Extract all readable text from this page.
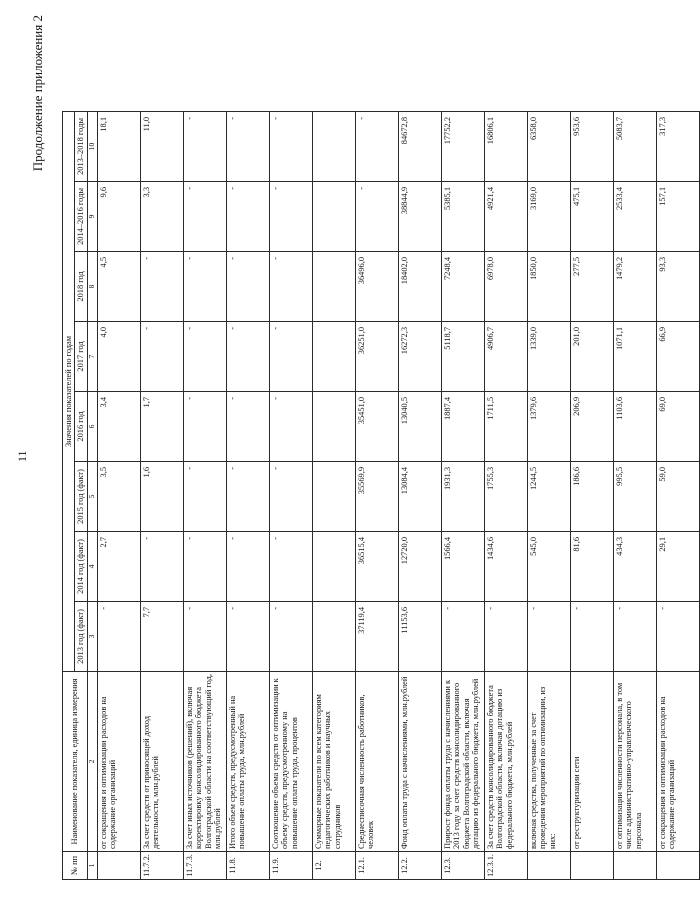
11
Продолжение приложения 2
№ пп	Наименование показателя, единица измерения	Значения показателей по годам							
		2013 год (факт)	2014 год (факт)	2015 год (факт)	2016 год	2017 год	2018 год	2014–2016 годы	2013–2018 годы
1	2	3	4	5	6	7	8	9	10
	от сокращения и оптимизации расходов на содержание организаций	-	2,7	3,5	3,4	4,0	4,5	9,6	18,1
11.7.2.	За счет средств от приносящей доход деятельности, млн.рублей	7,7	-	1,6	1,7	-	-	3,3	11,0
11.7.3.	За счет иных источников (решений), включая корректировку консолидированного бюджета Волгоградской области на соответствующий год, млн.рублей	-	-	-	-	-	-	-	-
11.8.	Итого объем средств, предусмотренный на повышение оплаты труда, млн.рублей	-	-	-	-	-	-	-	-
11.9.	Соотношение объема средств от оптимизации к объему средств, предусмотренному на повышение оплаты труда, процентов	-	-	-	-	-	-	-	-
12.	Суммарные показатели по всем категориям педагогических работников и научных сотрудников								
12.1.	Среднесписочная численность работников, человек	37119,4	36515,4	35569,9	35451,0	36251,0	36496,0	-	-
12.2.	Фонд оплаты труда с начислениями, млн.рублей	11153,6	12720,0	13084,4	13040,5	16272,3	18402,0	38844,9	84672,8
12.3.	Прирост фонда оплаты труда с начислениями к 2013 году за счет средств консолидированного бюджета Волгоградской области, включая дотацию из федерального бюджета, млн.рублей	-	1566,4	1931,3	1887,4	5118,7	7248,4	5385,1	17752,2
12.3.1.	За счет средств консолидированного бюджета Волгоградской области, включая дотацию из федерального бюджета, млн.рублей	-	1434,6	1755,3	1711,5	4906,7	6978,0	4921,4	16806,1
	включая средства, полученные за счет проведения мероприятий по оптимизации, из них:	-	545,0	1244,5	1379,6	1339,0	1850,0	3169,0	6358,0
	от реструктуризации сети	-	81,6	186,6	206,9	201,0	277,5	475,1	953,6
	от оптимизации численности персонала, в том числе административно-управленческого персонала	-	434,3	995,5	1103,6	1071,1	1479,2	2533,4	5083,7
	от сокращения и оптимизации расходов на содержание организаций	-	29,1	59,0	69,0	66,9	93,3	157,1	317,3
